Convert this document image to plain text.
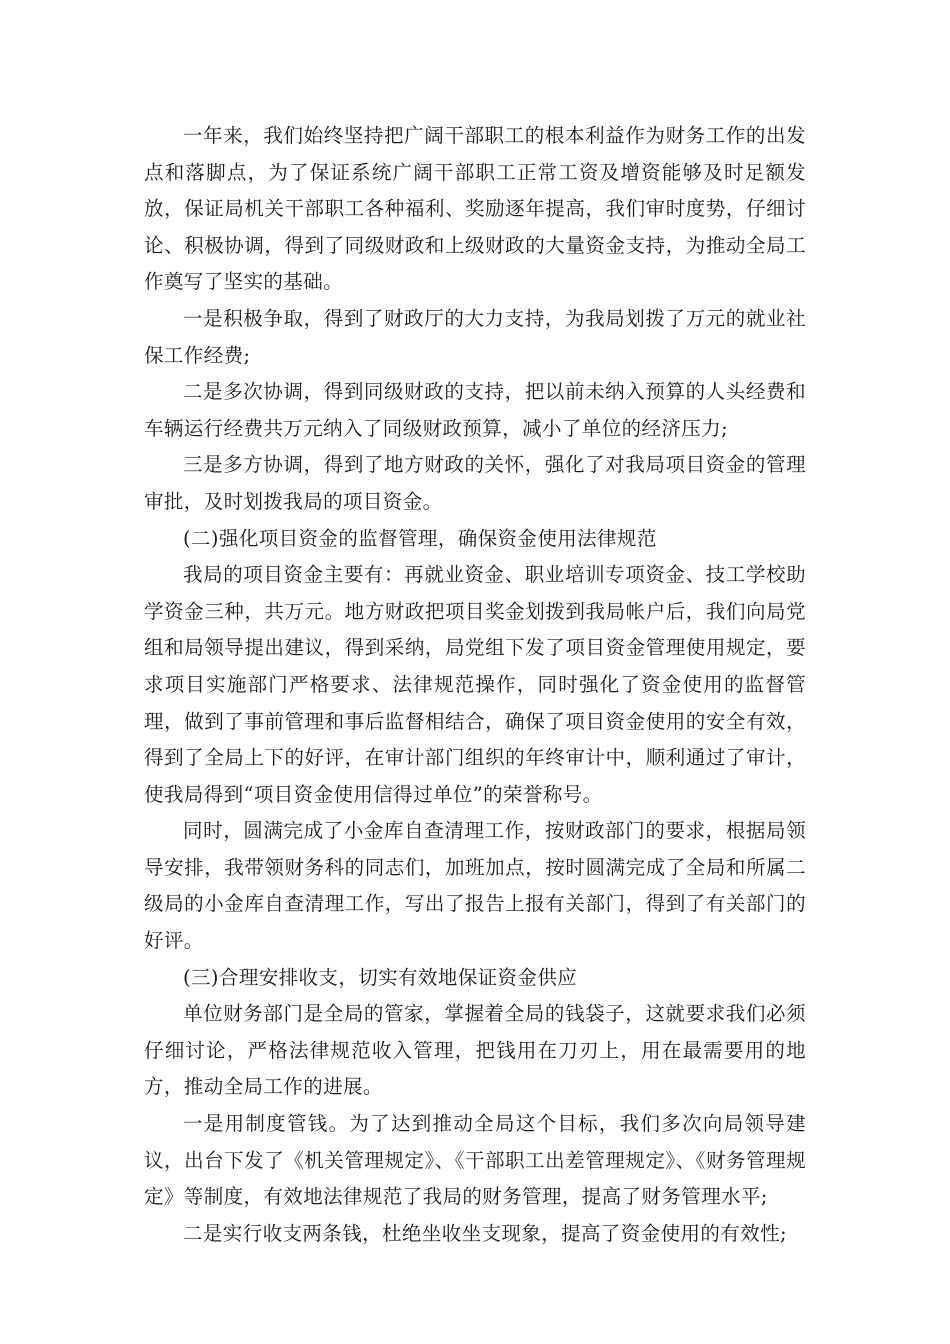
一年来，我们始终坚持把广阔干部职工的根本利益作为财务工作的出发点和落脚点，为了保证系统广阔干部职工正常工资及增资能够及时足额发放，保证局机关干部职工各种福利、奖励逐年提高，我们审时度势，仔细讨论、积极协调，得到了同级财政和上级财政的大量资金支持，为推动全局工作奠写了坚实的基础。

一是积极争取，得到了财政厅的大力支持，为我局划拨了万元的就业社保工作经费;

二是多次协调，得到同级财政的支持，把以前未纳入预算的人头经费和车辆运行经费共万元纳入了同级财政预算，减小了单位的经济压力;

三是多方协调，得到了地方财政的关怀，强化了对我局项目资金的管理审批，及时划拨我局的项目资金。

(二)强化项目资金的监督管理，确保资金使用法律规范

我局的项目资金主要有：再就业资金、职业培训专项资金、技工学校助学资金三种，共万元。地方财政把项目奖金划拨到我局帐户后，我们向局党组和局领导提出建议，得到采纳，局党组下发了项目资金管理使用规定，要求项目实施部门严格要求、法律规范操作，同时强化了资金使用的监督管理，做到了事前管理和事后监督相结合，确保了项目资金使用的安全有效，得到了全局上下的好评，在审计部门组织的年终审计中，顺利通过了审计，使我局得到“项目资金使用信得过单位”的荣誉称号。

同时，圆满完成了小金库自查清理工作，按财政部门的要求，根据局领导安排，我带领财务科的同志们，加班加点，按时圆满完成了全局和所属二级局的小金库自查清理工作，写出了报告上报有关部门，得到了有关部门的好评。

(三)合理安排收支，切实有效地保证资金供应

单位财务部门是全局的管家，掌握着全局的钱袋子，这就要求我们必须仔细讨论，严格法律规范收入管理，把钱用在刀刃上，用在最需要用的地方，推动全局工作的进展。

一是用制度管钱。为了达到推动全局这个目标，我们多次向局领导建议，出台下发了《机关管理规定》、《干部职工出差管理规定》、《财务管理规定》等制度，有效地法律规范了我局的财务管理，提高了财务管理水平;

二是实行收支两条钱，杜绝坐收坐支现象，提高了资金使用的有效性;
